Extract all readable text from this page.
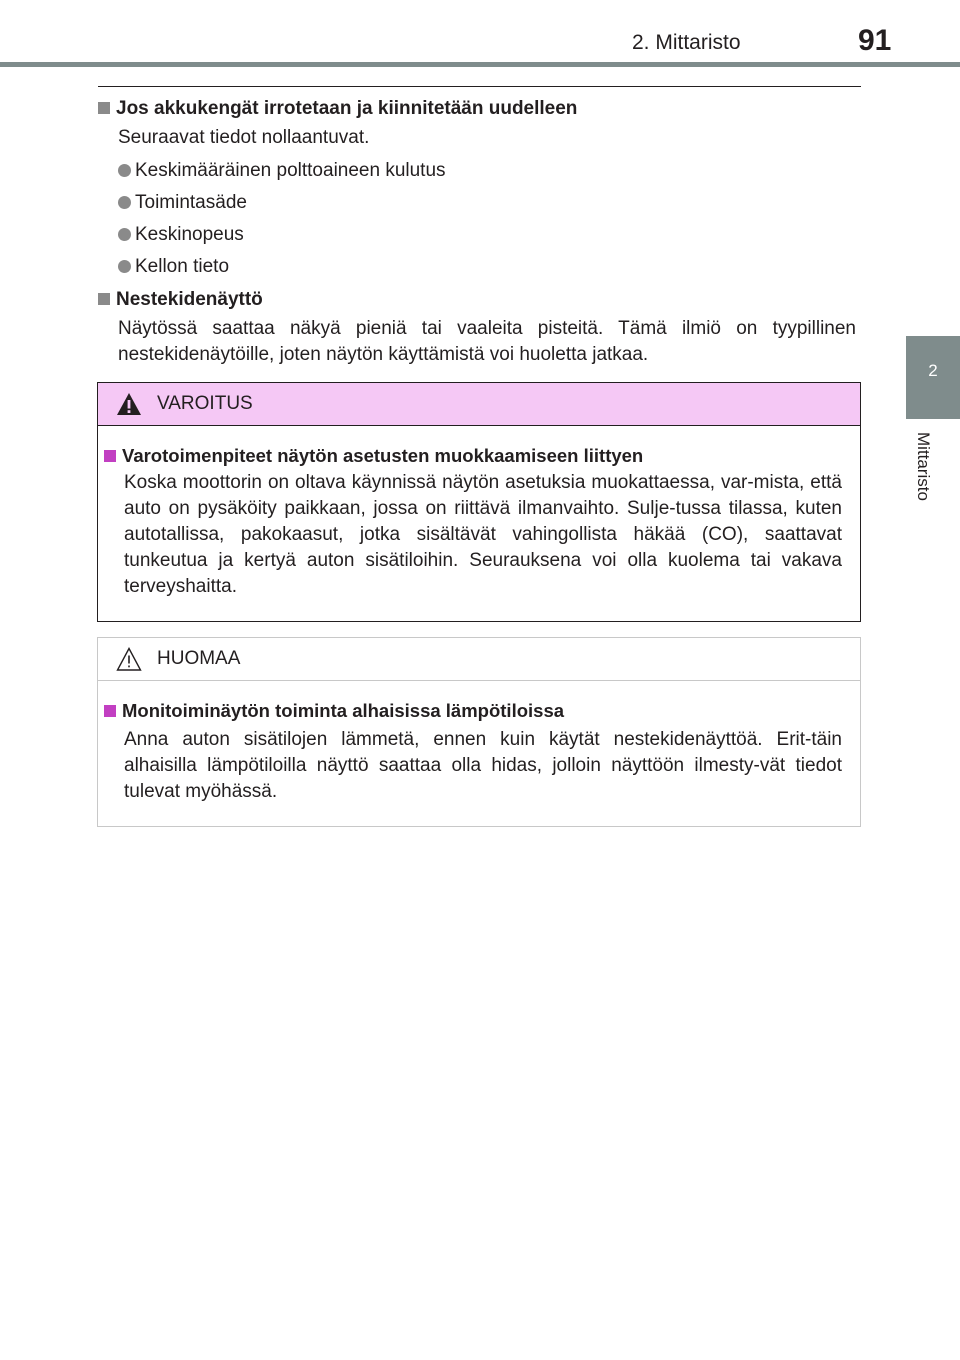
2. Mittaristo	91
2
Mittaristo
Jos akkukengät irrotetaan ja kiinnitetään uudelleen
Seuraavat tiedot nollaantuvat.
Keskimääräinen polttoaineen kulutus
Toimintasäde
Keskinopeus
Kellon tieto
Nestekidenäyttö
Näytössä saattaa näkyä pieniä tai vaaleita pisteitä. Tämä ilmiö on tyypillinen nestekidenäytöille, joten näytön käyttämistä voi huoletta jatkaa.
VAROITUS
Varotoimenpiteet näytön asetusten muokkaamiseen liittyen
Koska moottorin on oltava käynnissä näytön asetuksia muokattaessa, var-mista, että auto on pysäköity paikkaan, jossa on riittävä ilmanvaihto. Sulje-tussa tilassa, kuten autotallissa, pakokaasut, jotka sisältävät vahingollista häkää (CO), saattavat tunkeutua ja kertyä auton sisätiloihin. Seurauksena voi olla kuolema tai vakava terveyshaitta.
HUOMAA
Monitoiminäytön toiminta alhaisissa lämpötiloissa
Anna auton sisätilojen lämmetä, ennen kuin käytät nestekidenäyttöä. Erit-täin alhaisilla lämpötiloilla näyttö saattaa olla hidas, jolloin näyttöön ilmesty-vät tiedot tulevat myöhässä.
